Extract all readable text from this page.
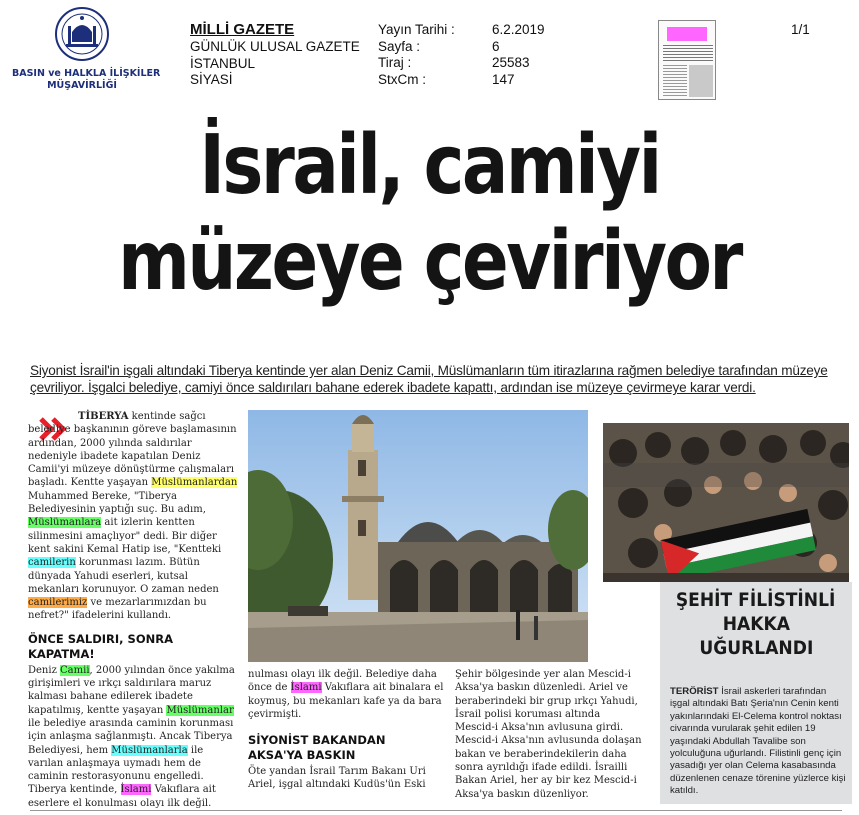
BASIN ve HALKLA İLİŞKİLER
MÜŞAVİRLİĞİ
MİLLİ GAZETE
GÜNLÜK ULUSAL GAZETE
İSTANBUL
SİYASİ
Yayın Tarihi :
Sayfa :
Tiraj :
StxCm :
6.2.2019
6
25583
147
1/1
İsrail, camiyi
müzeye çeviriyor
Siyonist İsrail'in işgali altındaki Tiberya kentinde yer alan Deniz Camii, Müslümanların tüm itirazlarına rağmen belediye tarafından müzeye çevriliyor. İşgalci belediye, camiyi önce saldırıları bahane ederek ibadete kapattı, ardından ise müzeye çevirmeye karar verdi.

TİBERYA kentinde sağcı belediye başkanının göreve başlamasının ardından, 2000 yılında saldırılar nedeniyle ibadete kapatılan Deniz Camii'yi müzeye dönüştürme çalışmaları başladı. Kentte yaşayan Müslümanlardan Muhammed Bereke, "Tiberya Belediyesinin yaptığı suç. Bu adım, Müslümanlara ait izlerin kentten silinmesini amaçlıyor" dedi. Bir diğer kent sakini Kemal Hatip ise, "Kentteki camilerin korunması lazım. Bütün dünyada Yahudi eserleri, kutsal mekanları korunuyor. O zaman neden camilerimiz ve mezarlarımızdan bu nefret?" ifadelerini kullandı.

ÖNCE SALDIRI, SONRA KAPATMA!

Deniz Camii, 2000 yılından önce yakılma girişimleri ve ırkçı saldırılara maruz kalması bahane edilerek ibadete kapatılmış, kentte yaşayan Müslümanlar ile belediye arasında caminin korunması için anlaşma sağlanmıştı. Ancak Tiberya Belediyesi, hem Müslümanlarla ile varılan anlaşmaya uymadı hem de caminin restorasyonunu engelledi. Tiberya kentinde, İslami Vakıflara ait eserlere el konulması olayı ilk değil.

nulması olayı ilk değil. Belediye daha önce de İslami Vakıflara ait binalara el koymuş, bu mekanları kafe ya da bara çevirmişti.

SİYONİST BAKANDAN AKSA'YA BASKIN

Öte yandan İsrail Tarım Bakanı Uri Ariel, işgal altındaki Kudüs'ün Eski

Şehir bölgesinde yer alan Mescid-i Aksa'ya baskın düzenledi. Ariel ve beraberindeki bir grup ırkçı Yahudi, İsrail polisi koruması altında Mescid-i Aksa'nın avlusuna girdi. Mescid-i Aksa'nın avlusunda dolaşan bakan ve beraberindekilerin daha sonra ayrıldığı ifade edildi. İsrailli Bakan Ariel, her ay bir kez Mescid-i Aksa'ya baskın düzenliyor.

ŞEHİT FİLİSTİNLİ
HAKKA
UĞURLANDI
TERÖRİST İsrail askerleri tarafından işgal altındaki Batı Şeria'nın Cenin kenti yakınlarındaki El-Celema kontrol noktası civarında vurularak şehit edilen 19 yaşındaki Abdullah Tavalibe son yolculuğuna uğurlandı. Filistinli genç için yasadığı yer olan Celema kasabasında düzenlenen cenaze törenine yüzlerce kişi katıldı.
